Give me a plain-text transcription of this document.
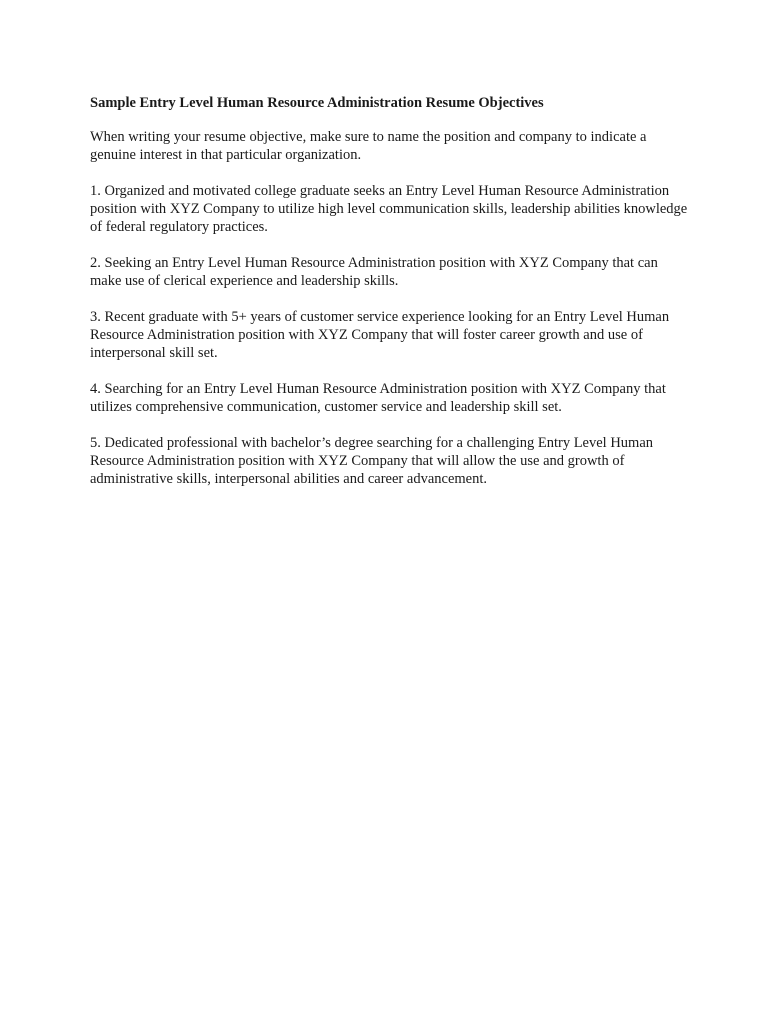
Sample Entry Level Human Resource Administration Resume Objectives

When writing your resume objective, make sure to name the position and company to indicate a genuine interest in that particular organization.

1. Organized and motivated college graduate seeks an Entry Level Human Resource Administration position with XYZ Company to utilize high level communication skills, leadership abilities knowledge of federal regulatory practices.

2. Seeking an Entry Level Human Resource Administration position with XYZ Company that can make use of clerical experience and leadership skills.

3. Recent graduate with 5+ years of customer service experience looking for an Entry Level Human Resource Administration position with XYZ Company that will foster career growth and use of interpersonal skill set.

4. Searching for an Entry Level Human Resource Administration position with XYZ Company that utilizes comprehensive communication, customer service and leadership skill set.

5. Dedicated professional with bachelor’s degree searching for a challenging Entry Level Human Resource Administration position with XYZ Company that will allow the use and growth of administrative skills, interpersonal abilities and career advancement.
